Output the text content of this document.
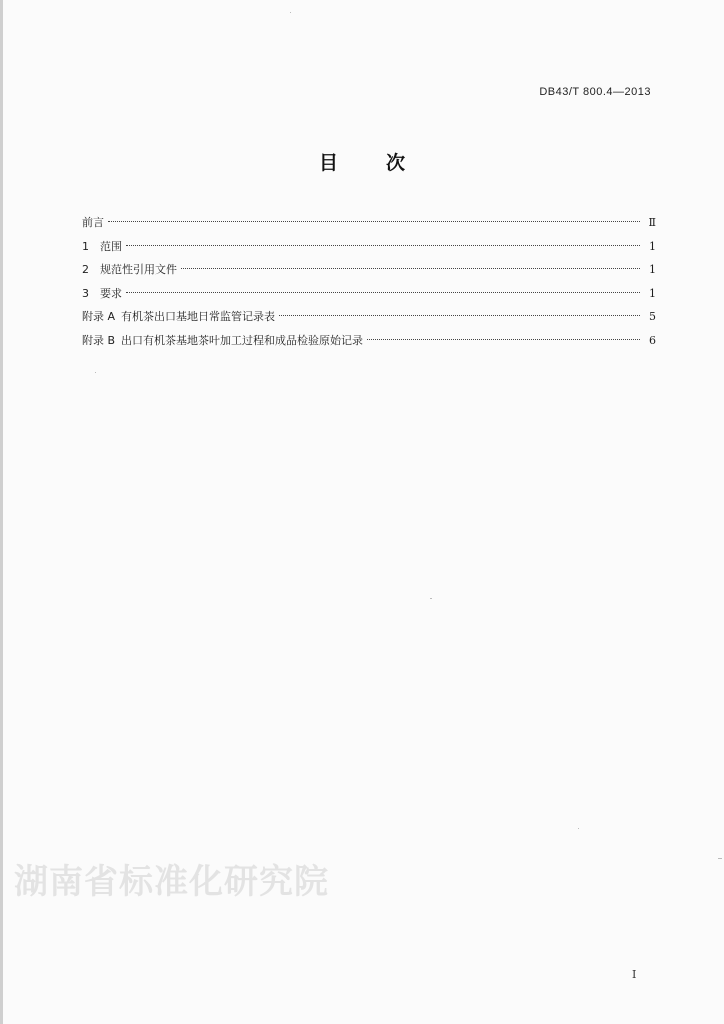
DB43/T 800.4—2013
目	次
前言	Ⅱ
1 范围	1
2 规范性引用文件	1
3 要求	1
附录 A 有机茶出口基地日常监管记录表	5
附录 B 出口有机茶基地茶叶加工过程和成品检验原始记录	6
湖南省标准化研究院
I
